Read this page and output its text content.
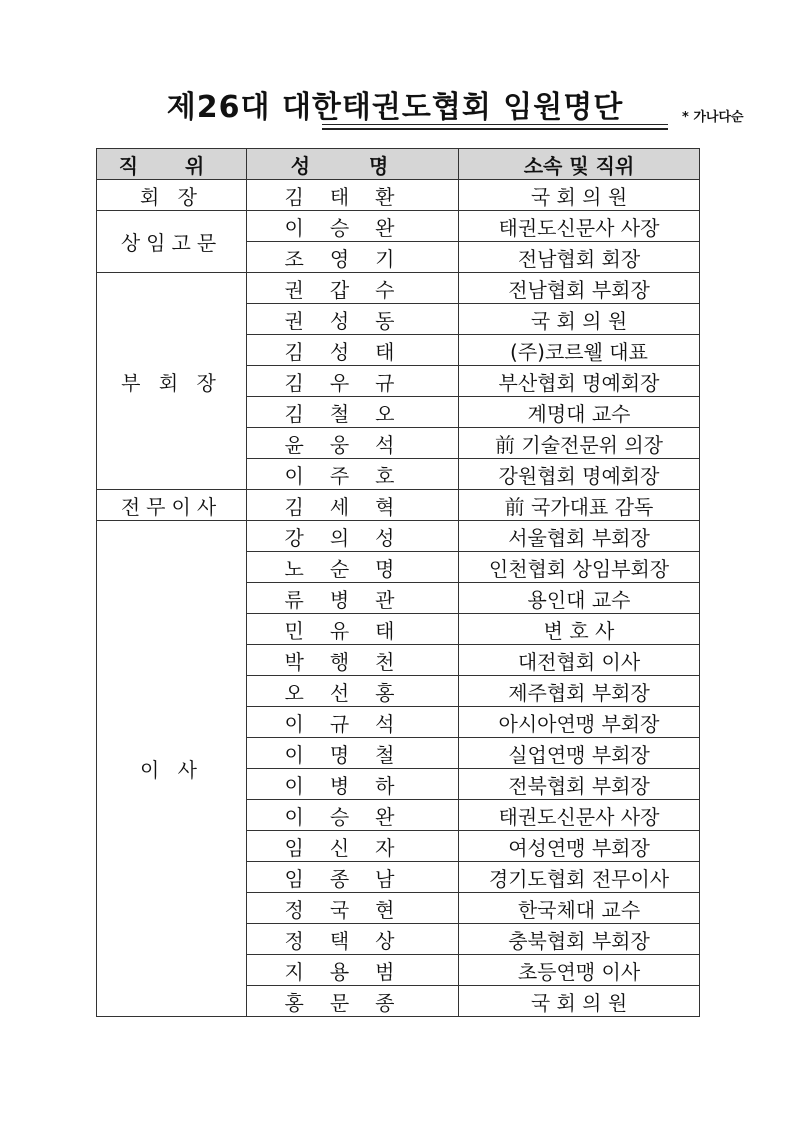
제26대 대한태권도협회 임원명단	* 가나다순
직 위	성 명	소속 및 직위
회 장	김태환	국 회 의 원
상임고문	이승완	태권도신문사 사장
	조영기	전남협회 회장
부 회 장	권갑수	전남협회 부회장
	권성동	국 회 의 원
	김성태	(주)코르웰 대표
	김우규	부산협회 명예회장
	김철오	계명대 교수
	윤웅석	前 기술전문위 의장
	이주호	강원협회 명예회장
전무이사	김세혁	前 국가대표 감독
이 사	강의성	서울협회 부회장
	노순명	인천협회 상임부회장
	류병관	용인대 교수
	민유태	변 호 사
	박행천	대전협회 이사
	오선홍	제주협회 부회장
	이규석	아시아연맹 부회장
	이명철	실업연맹 부회장
	이병하	전북협회 부회장
	이승완	태권도신문사 사장
	임신자	여성연맹 부회장
	임종남	경기도협회 전무이사
	정국현	한국체대 교수
	정택상	충북협회 부회장
	지용범	초등연맹 이사
	홍문종	국 회 의 원
